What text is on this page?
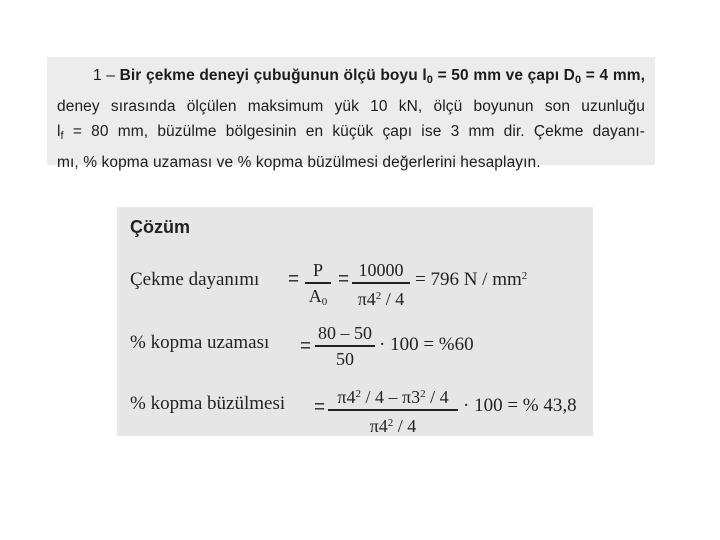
1 – Bir çekme deneyi çubuğunun ölçü boyu $l_0 = 50$ mm ve çapı $D_0 = 4$ mm,
deney sırasında ölçülen maksimum yük 10 kN, ölçü boyunun son uzunluğu
$l_f = 80$ mm, büzülme bölgesinin en küçük çapı ise 3 mm dir. Çekme dayanı-
mı, % kopma uzaması ve % kopma büzülmesi değerlerini hesaplayın.
Çözüm
Çekme dayanımı = P
$A_0$
= 10000
$\pi 4^2 / 4$
= 796 N / $mm^2$
% kopma uzaması =
80 – 50
50
· 100 = %60
% kopma büzülmesi = $\pi 4^2 / 4 - \pi 3^2 / 4$
$\pi 4^2 / 4$
· 100 = % 43,8
